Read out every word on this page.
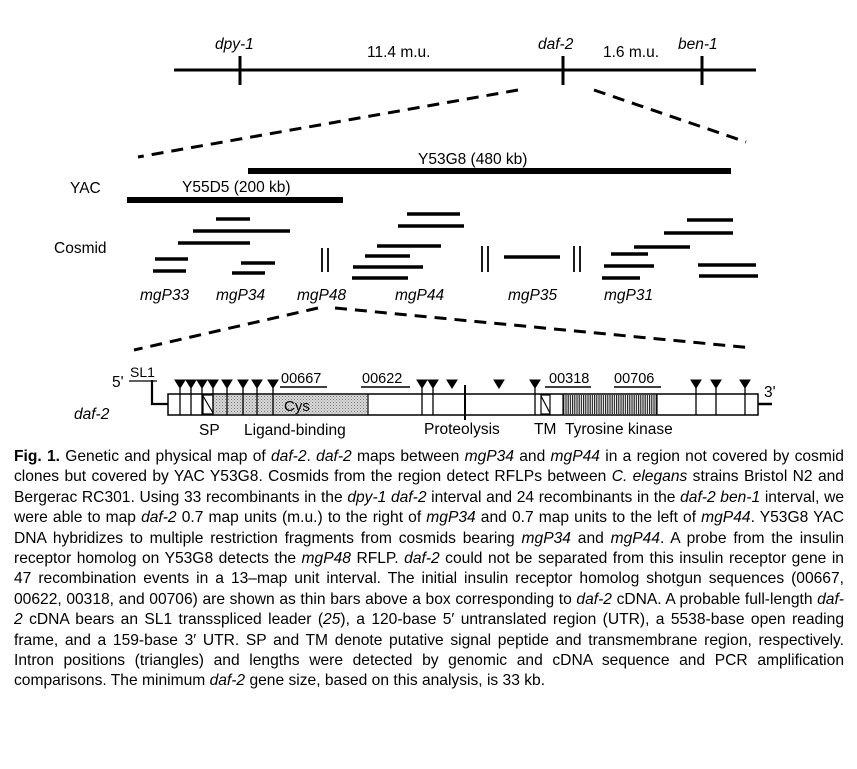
dpy-1	daf-2	ben-1
11.4 m.u.	1.6 m.u.
YAC
Y53G8 (480 kb)
Y55D5 (200 kb)
Cosmid
mgP33 mgP34 mgP48	mgP44	mgP35	mgP31
daf-2
5'
SL1
3'
Cys
00667	00622	00318 00706
SP Ligand-binding	Proteolysis TM Tyrosine kinase
Fig. 1. Genetic and physical map of daf-2. daf-2 maps between mgP34 and mgP44 in a region not covered by cosmid clones but covered by YAC Y53G8. Cosmids from the region detect RFLPs between C. elegans strains Bristol N2 and Bergerac RC301. Using 33 recombinants in the dpy-1 daf-2 interval and 24 recombinants in the daf-2 ben-1 interval, we were able to map daf-2 0.7 map units (m.u.) to the right of mgP34 and 0.7 map units to the left of mgP44. Y53G8 YAC DNA hybridizes to multiple restriction fragments from cosmids bearing mgP34 and mgP44. A probe from the insulin receptor homolog on Y53G8 detects the mgP48 RFLP. daf-2 could not be separated from this insulin receptor gene in 47 recombination events in a 13–map unit interval. The initial insulin receptor homolog shotgun sequences (00667, 00622, 00318, and 00706) are shown as thin bars above a box corresponding to daf-2 cDNA. A probable full-length daf-2 cDNA bears an SL1 transspliced leader (25), a 120-base 5′ untranslated region (UTR), a 5538-base open reading frame, and a 159-base 3′ UTR. SP and TM denote putative signal peptide and transmembrane region, respectively. Intron positions (triangles) and lengths were detected by genomic and cDNA sequence and PCR amplification comparisons. The minimum daf-2 gene size, based on this analysis, is 33 kb.
